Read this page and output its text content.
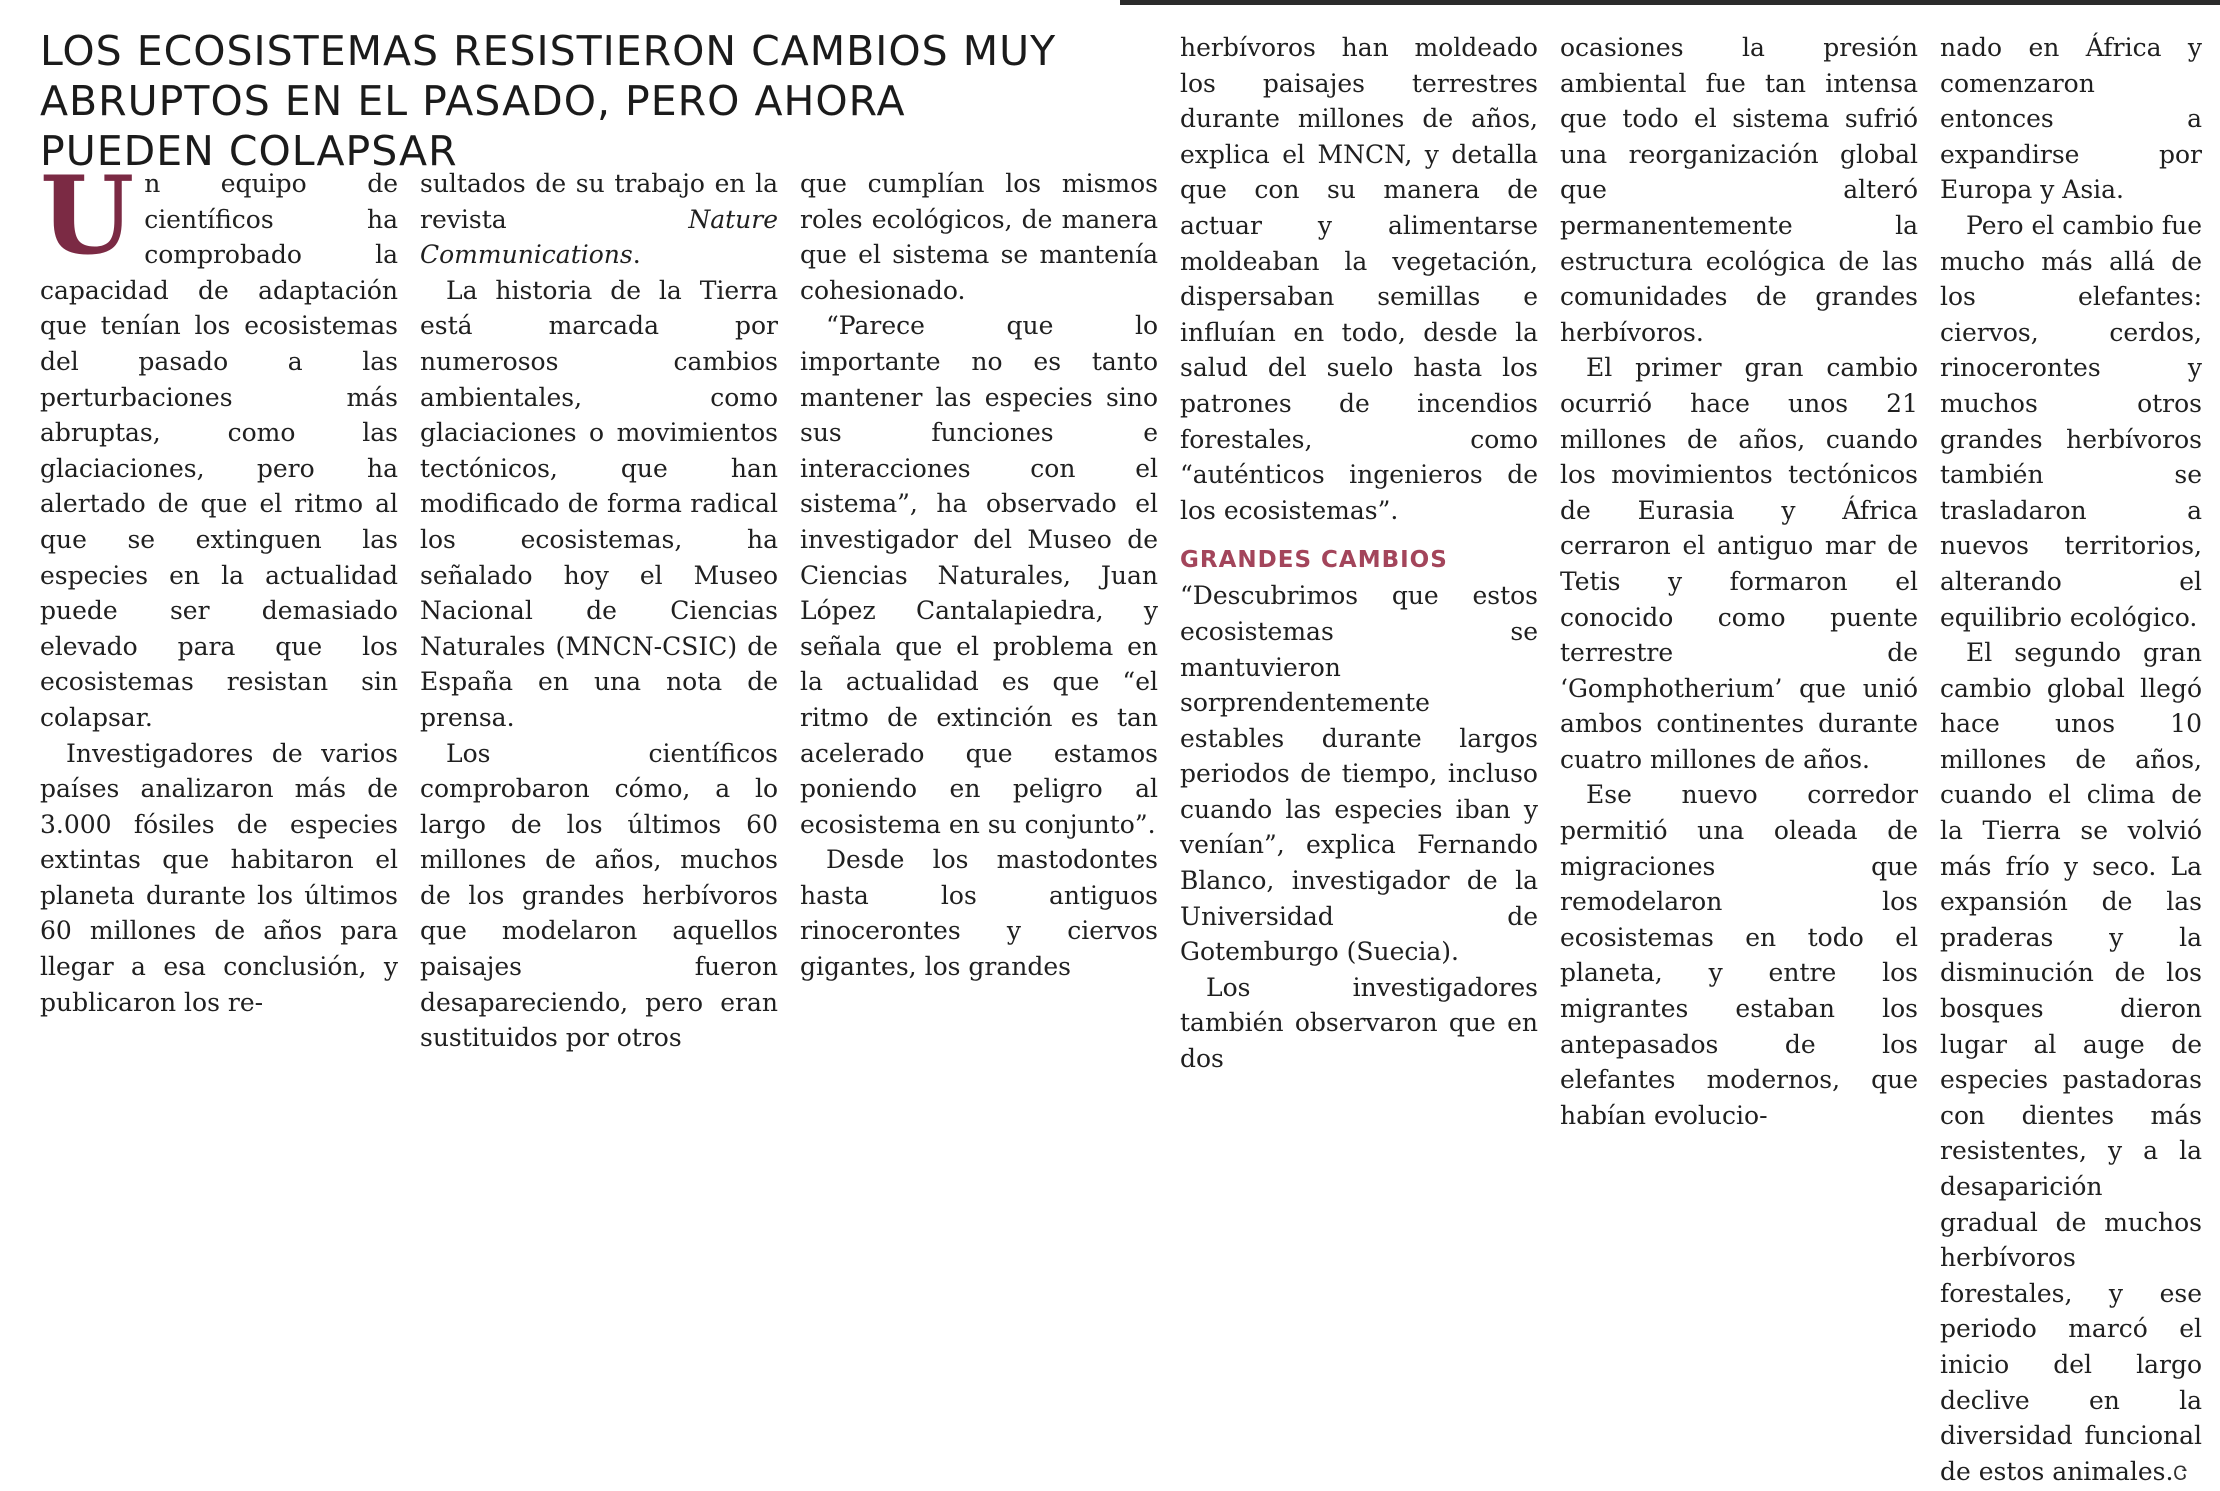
LOS ECOSISTEMAS RESISTIERON CAMBIOS MUY ABRUPTOS EN EL PASADO, PERO AHORA PUEDEN COLAPSAR

Un equipo de científicos ha comprobado la capacidad de adaptación que tenían los ecosistemas del pasado a las perturbaciones más abruptas, como las glaciaciones, pero ha alertado de que el ritmo al que se extinguen las especies en la actualidad puede ser demasiado elevado para que los ecosistemas resistan sin colapsar.

Investigadores de varios países analizaron más de 3.000 fósiles de especies extintas que habitaron el planeta durante los últimos 60 millones de años para llegar a esa conclusión, y publicaron los re-

sultados de su trabajo en la revista Nature Communications.

La historia de la Tierra está marcada por numerosos cambios ambientales, como glaciaciones o movimientos tectónicos, que han modificado de forma radical los ecosistemas, ha señalado hoy el Museo Nacional de Ciencias Naturales (MNCN-CSIC) de España en una nota de prensa.

Los científicos comprobaron cómo, a lo largo de los últimos 60 millones de años, muchos de los grandes herbívoros que modelaron aquellos paisajes fueron desapareciendo, pero eran sustituidos por otros

que cumplían los mismos roles ecológicos, de manera que el sistema se mantenía cohesionado.

“Parece que lo importante no es tanto mantener las especies sino sus funciones e interacciones con el sistema”, ha observado el investigador del Museo de Ciencias Naturales, Juan López Cantalapiedra, y señala que el problema en la actualidad es que “el ritmo de extinción es tan acelerado que estamos poniendo en peligro al ecosistema en su conjunto”.

Desde los mastodontes hasta los antiguos rinocerontes y ciervos gigantes, los grandes

herbívoros han moldeado los paisajes terrestres durante millones de años, explica el MNCN, y detalla que con su manera de actuar y alimentarse moldeaban la vegetación, dispersaban semillas e influían en todo, desde la salud del suelo hasta los patrones de incendios forestales, como “auténticos ingenieros de los ecosistemas”.

GRANDES CAMBIOS

“Descubrimos que estos ecosistemas se mantuvieron sorprendentemente estables durante largos periodos de tiempo, incluso cuando las especies iban y venían”, explica Fernando Blanco, investigador de la Universidad de Gotemburgo (Suecia).

Los investigadores también observaron que en dos

ocasiones la presión ambiental fue tan intensa que todo el sistema sufrió una reorganización global que alteró permanentemente la estructura ecológica de las comunidades de grandes herbívoros.

El primer gran cambio ocurrió hace unos 21 millones de años, cuando los movimientos tectónicos de Eurasia y África cerraron el antiguo mar de Tetis y formaron el conocido como puente terrestre de ‘Gomphotherium’ que unió ambos continentes durante cuatro millones de años.

Ese nuevo corredor permitió una oleada de migraciones que remodelaron los ecosistemas en todo el planeta, y entre los migrantes estaban los antepasados de los elefantes modernos, que habían evolucio-

nado en África y comenzaron entonces a expandirse por Europa y Asia.

Pero el cambio fue mucho más allá de los elefantes: ciervos, cerdos, rinocerontes y muchos otros grandes herbívoros también se trasladaron a nuevos territorios, alterando el equilibrio ecológico.

El segundo gran cambio global llegó hace unos 10 millones de años, cuando el clima de la Tierra se volvió más frío y seco. La expansión de las praderas y la disminución de los bosques dieron lugar al auge de especies pastadoras con dientes más resistentes, y a la desaparición gradual de muchos herbívoros forestales, y ese periodo marcó el inicio del largo declive en la diversidad funcional de estos animales.Ꮳ
